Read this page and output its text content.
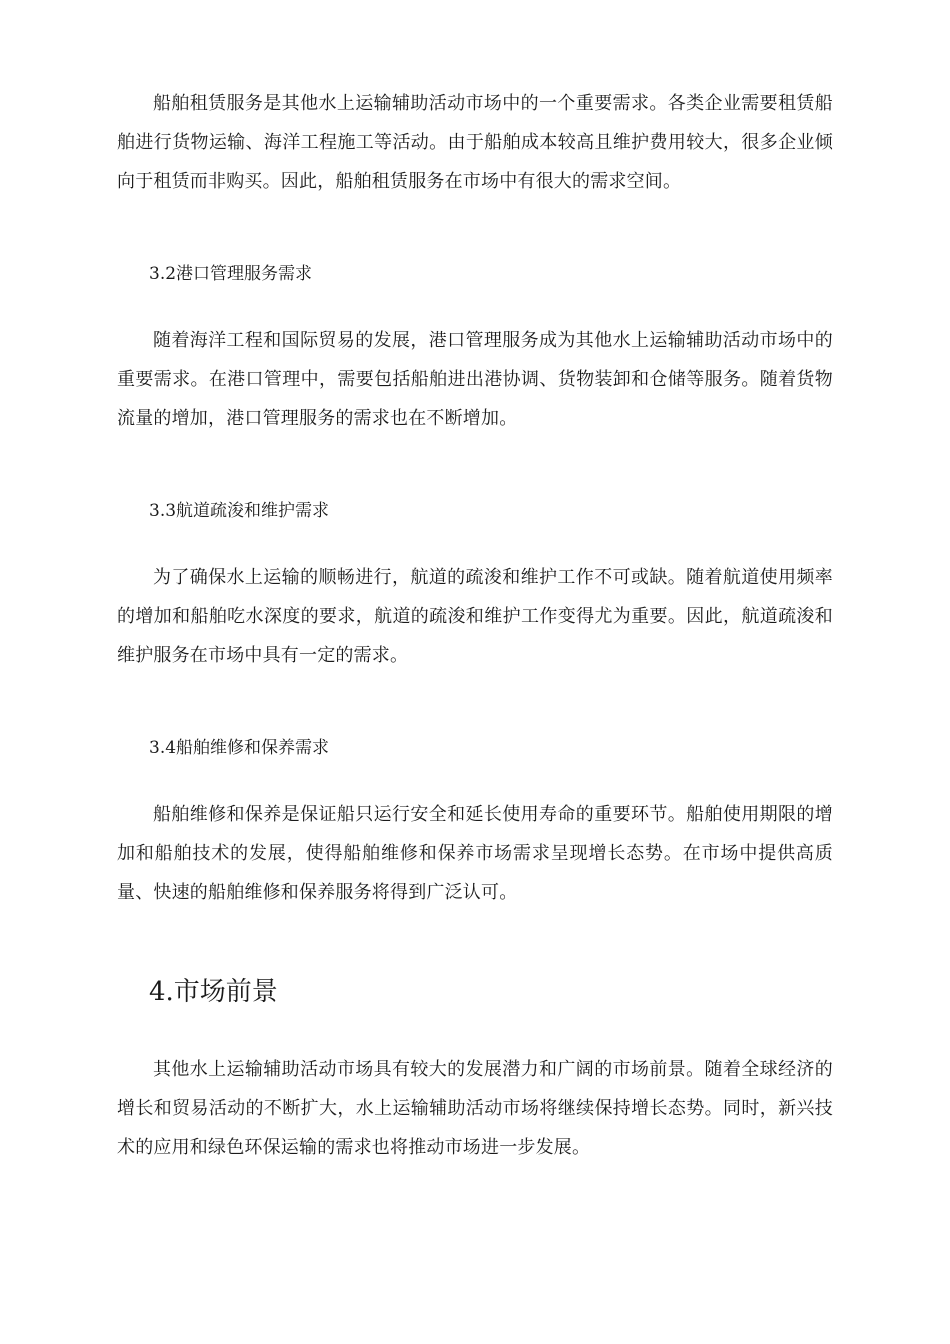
船舶租赁服务是其他水上运输辅助活动市场中的一个重要需求。各类企业需要租赁船舶进行货物运输、海洋工程施工等活动。由于船舶成本较高且维护费用较大，很多企业倾向于租赁而非购买。因此，船舶租赁服务在市场中有很大的需求空间。

3.2港口管理服务需求

随着海洋工程和国际贸易的发展，港口管理服务成为其他水上运输辅助活动市场中的重要需求。在港口管理中，需要包括船舶进出港协调、货物装卸和仓储等服务。随着货物流量的增加，港口管理服务的需求也在不断增加。

3.3航道疏浚和维护需求

为了确保水上运输的顺畅进行，航道的疏浚和维护工作不可或缺。随着航道使用频率的增加和船舶吃水深度的要求，航道的疏浚和维护工作变得尤为重要。因此，航道疏浚和维护服务在市场中具有一定的需求。

3.4船舶维修和保养需求

船舶维修和保养是保证船只运行安全和延长使用寿命的重要环节。船舶使用期限的增加和船舶技术的发展，使得船舶维修和保养市场需求呈现增长态势。在市场中提供高质量、快速的船舶维修和保养服务将得到广泛认可。

4.市场前景

其他水上运输辅助活动市场具有较大的发展潜力和广阔的市场前景。随着全球经济的增长和贸易活动的不断扩大，水上运输辅助活动市场将继续保持增长态势。同时，新兴技术的应用和绿色环保运输的需求也将推动市场进一步发展。
